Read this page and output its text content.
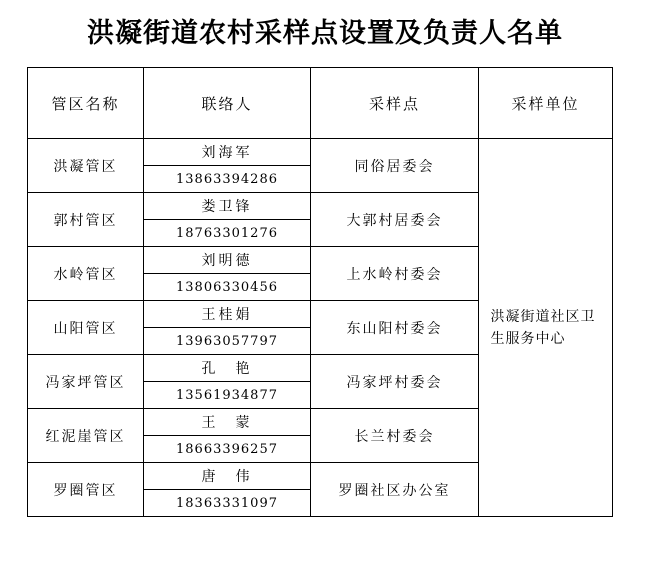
洪凝街道农村采样点设置及负责人名单
管区名称	联络人	采样点	采样单位
洪凝管区	刘海军	同俗居委会	洪凝街道社区卫生服务中心
	13863394286		
郭村管区	娄卫锋	大郭村居委会	
	18763301276		
水岭管区	刘明德	上水岭村委会	
	13806330456		
山阳管区	王桂娟	东山阳村委会	
	13963057797		
冯家坪管区	孔　艳	冯家坪村委会	
	13561934877		
红泥崖管区	王　蒙	长兰村委会	
	18663396257		
罗圈管区	唐　伟	罗圈社区办公室	
	18363331097		
